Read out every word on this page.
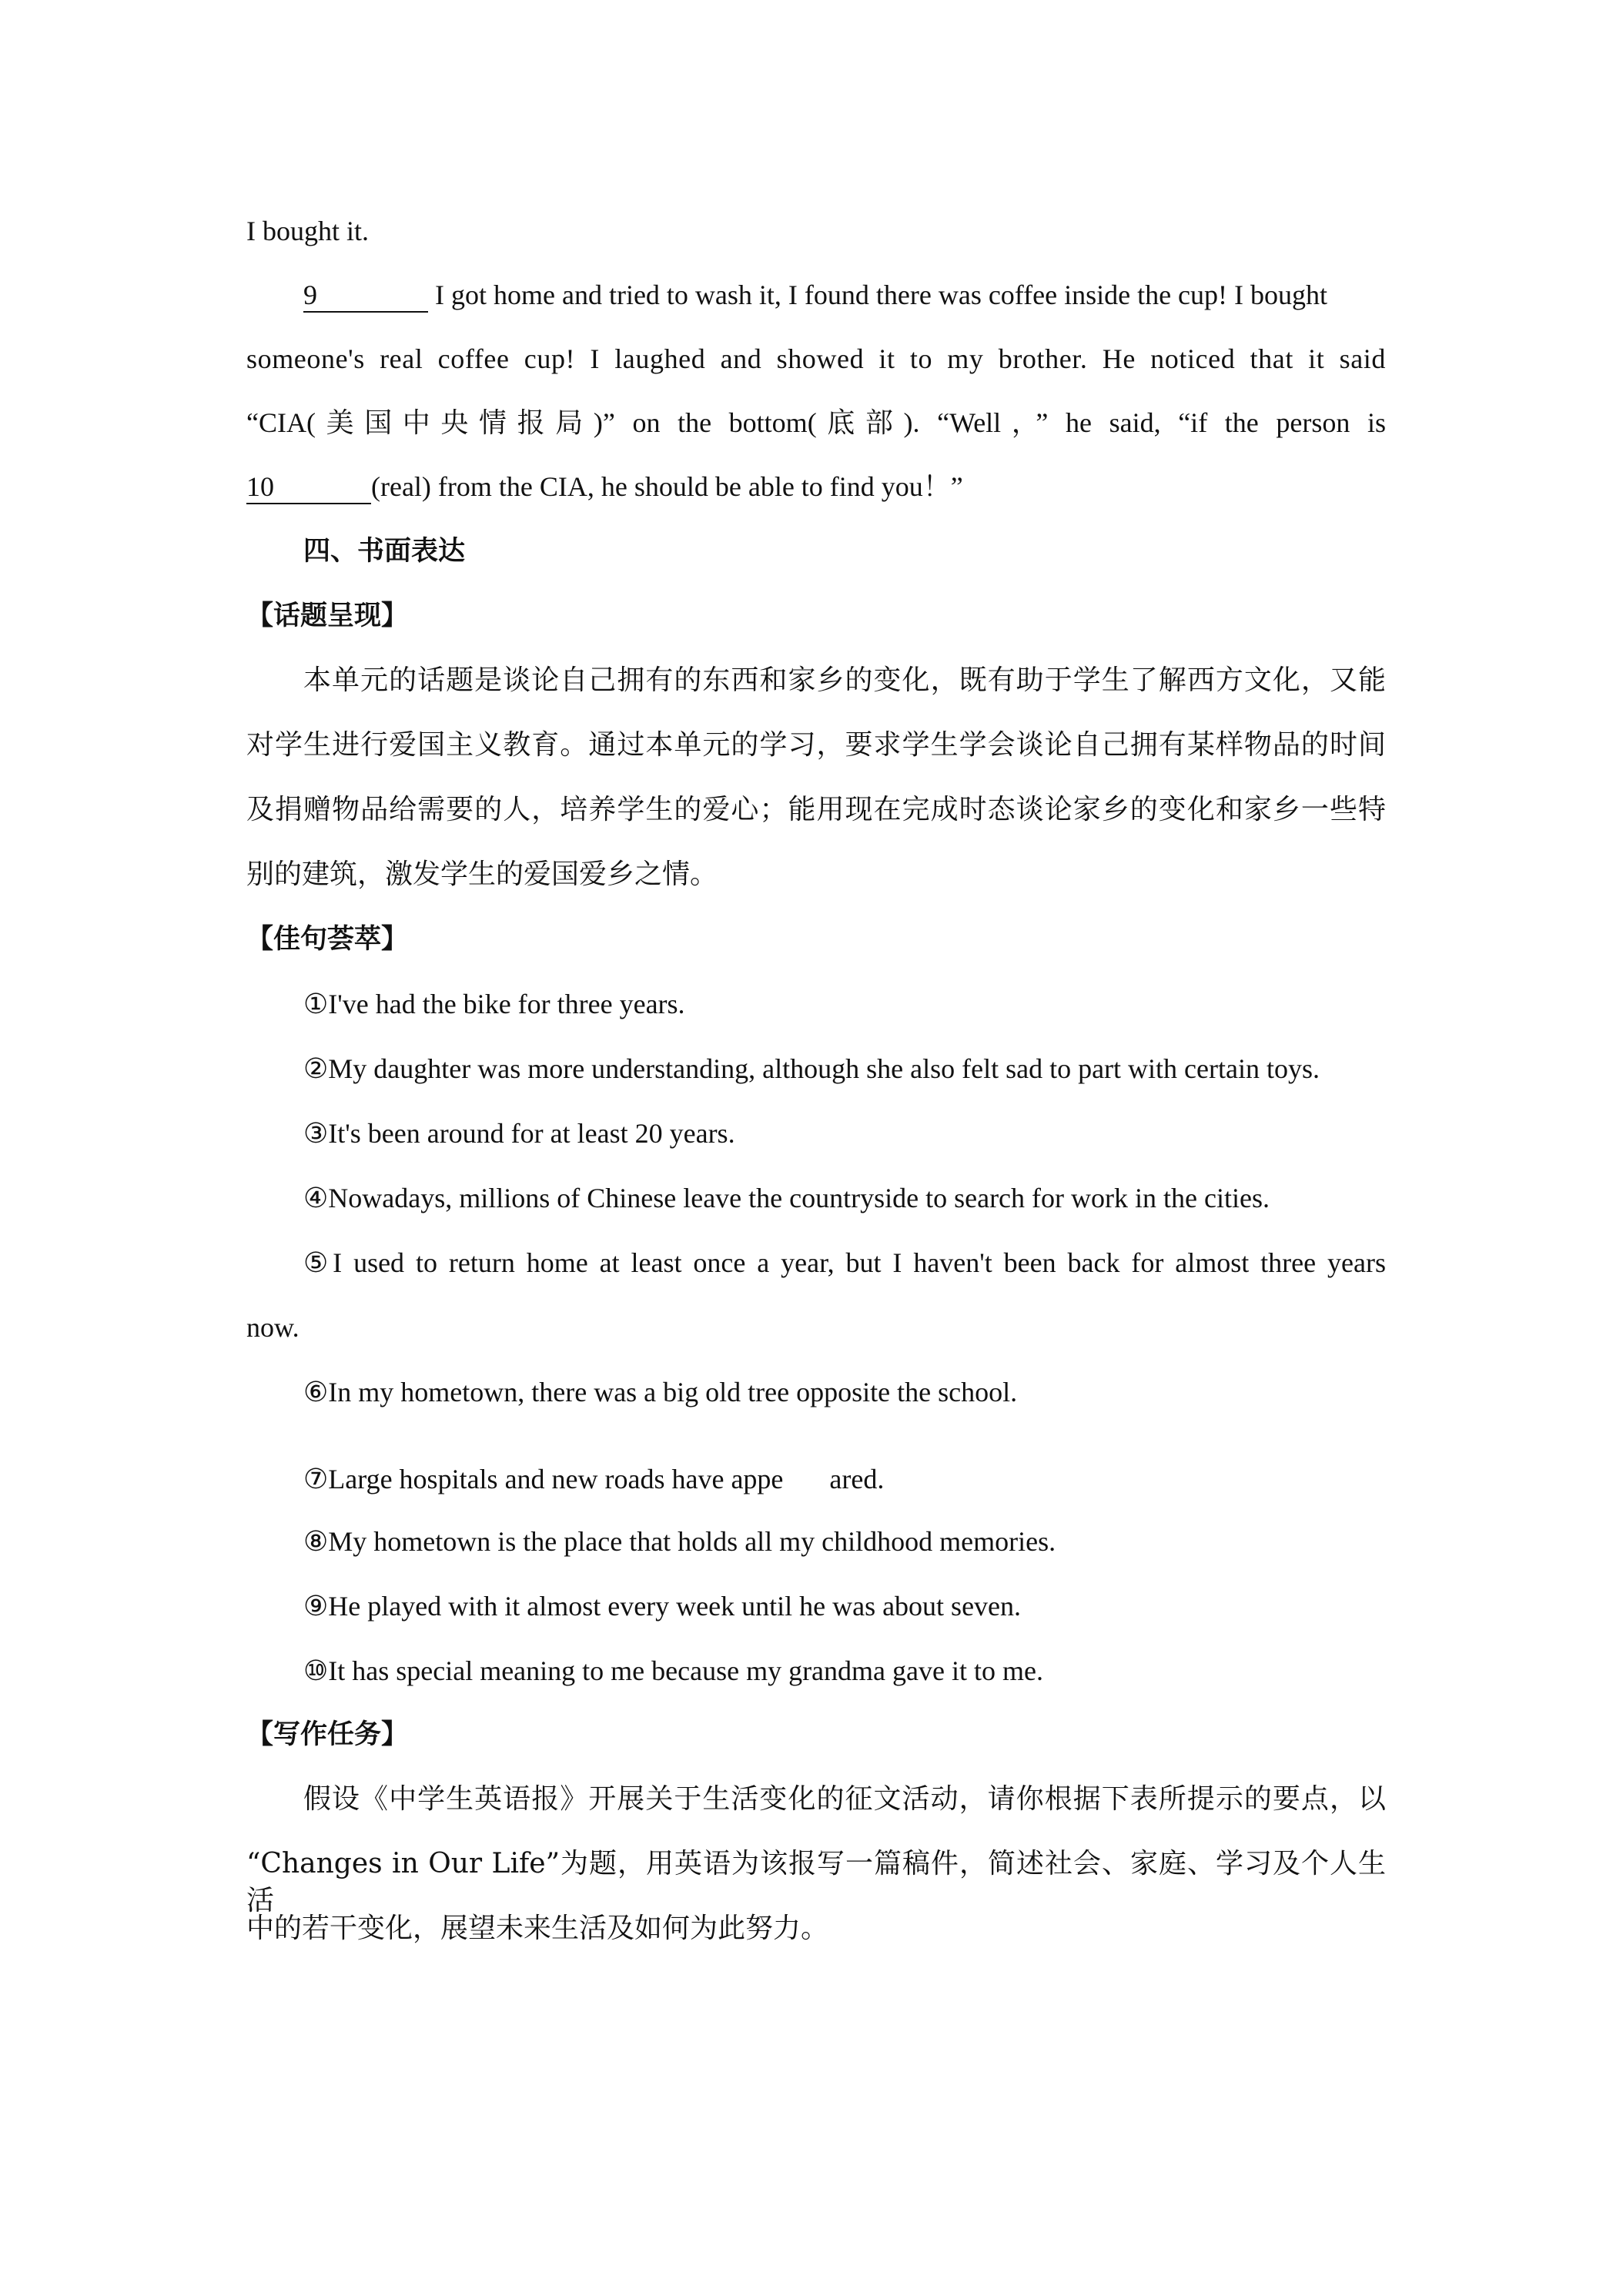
I bought it.
9	I got home and tried to wash it, I found there was coffee inside the cup! I bought
someone's real coffee cup! I laughed and showed it to my brother. He noticed that it said
“CIA(美国中央情报局)” on the bottom(底部). “Well，” he said, “if the person is
10	(real) from the CIA, he should be able to find you！”
四、书面表达
【话题呈现】
本单元的话题是谈论自己拥有的东西和家乡的变化，既有助于学生了解西方文化，又能
对学生进行爱国主义教育。通过本单元的学习，要求学生学会谈论自己拥有某样物品的时间
及捐赠物品给需要的人，培养学生的爱心；能用现在完成时态谈论家乡的变化和家乡一些特
别的建筑，激发学生的爱国爱乡之情。
【佳句荟萃】
①I've had the bike for three years.
②My daughter was more understanding, although she also felt sad to part with certain toys.
③It's been around for at least 20 years.
④Nowadays, millions of Chinese leave the countryside to search for work in the cities.
⑤I used to return home at least once a year, but I haven't been back for almost three years
now.
⑥In my hometown, there was a big old tree opposite the school.
⑦Large hospitals and new roads have appe ared.
⑧My hometown is the place that holds all my childhood memories.
⑨He played with it almost every week until he was about seven.
⑩It has special meaning to me because my grandma gave it to me.
【写作任务】
假设《中学生英语报》开展关于生活变化的征文活动，请你根据下表所提示的要点，以
“Changes in Our Life”为题，用英语为该报写一篇稿件，简述社会、家庭、学习及个人生活
中的若干变化，展望未来生活及如何为此努力。
